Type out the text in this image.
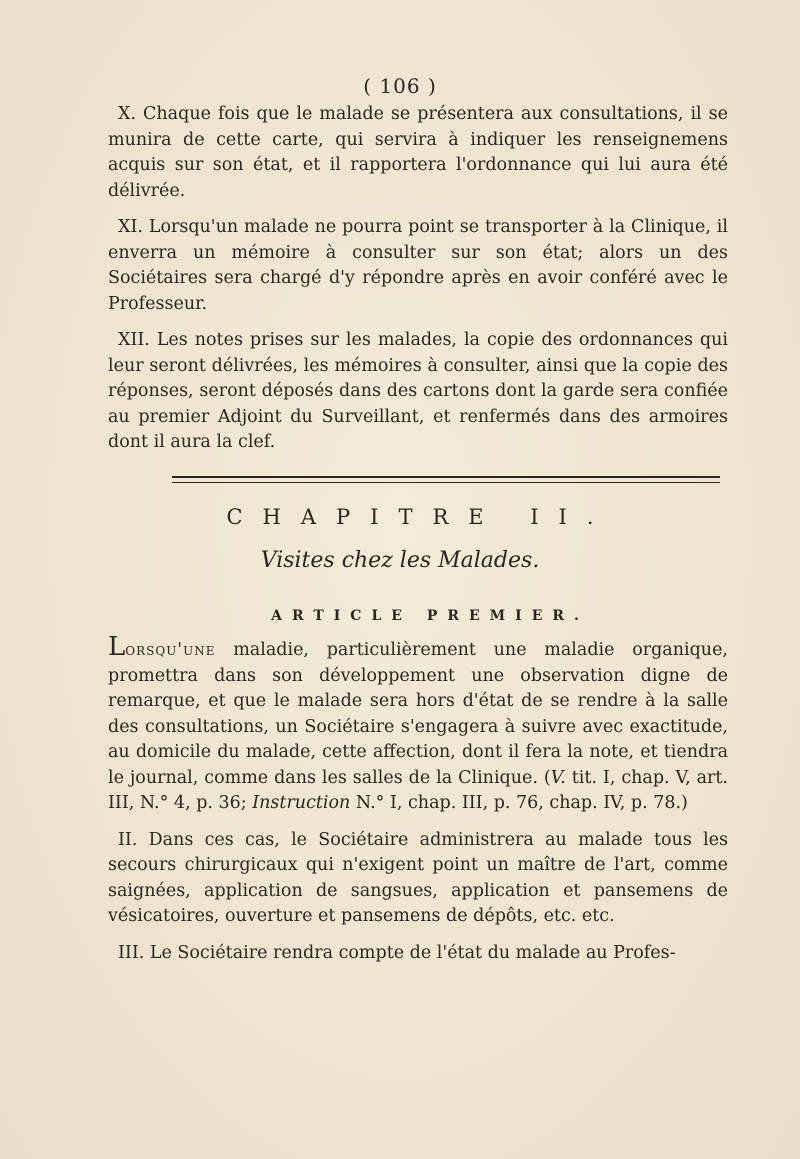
( 106 )

X. Chaque fois que le malade se présentera aux consultations, il se munira de cette carte, qui servira à indiquer les renseignemens acquis sur son état, et il rapportera l'ordonnance qui lui aura été délivrée.

XI. Lorsqu'un malade ne pourra point se transporter à la Clinique, il enverra un mémoire à consulter sur son état; alors un des Sociétaires sera chargé d'y répondre après en avoir conféré avec le Professeur.

XII. Les notes prises sur les malades, la copie des ordonnances qui leur seront délivrées, les mémoires à consulter, ainsi que la copie des réponses, seront déposés dans des cartons dont la garde sera confiée au premier Adjoint du Surveillant, et renfermés dans des armoires dont il aura la clef.

CHAPITRE II.
Visites chez les Malades.
ARTICLE PREMIER.

Lorsqu'une maladie, particulièrement une maladie organique, promettra dans son développement une observation digne de remarque, et que le malade sera hors d'état de se rendre à la salle des consultations, un Sociétaire s'engagera à suivre avec exactitude, au domicile du malade, cette affection, dont il fera la note, et tiendra le journal, comme dans les salles de la Clinique. (V. tit. I, chap. V, art. III, N.° 4, p. 36; Instruction N.° I, chap. III, p. 76, chap. IV, p. 78.)

II. Dans ces cas, le Sociétaire administrera au malade tous les secours chirurgicaux qui n'exigent point un maître de l'art, comme saignées, application de sangsues, application et pansemens de vésicatoires, ouverture et pansemens de dépôts, etc. etc.

III. Le Sociétaire rendra compte de l'état du malade au Profes-
